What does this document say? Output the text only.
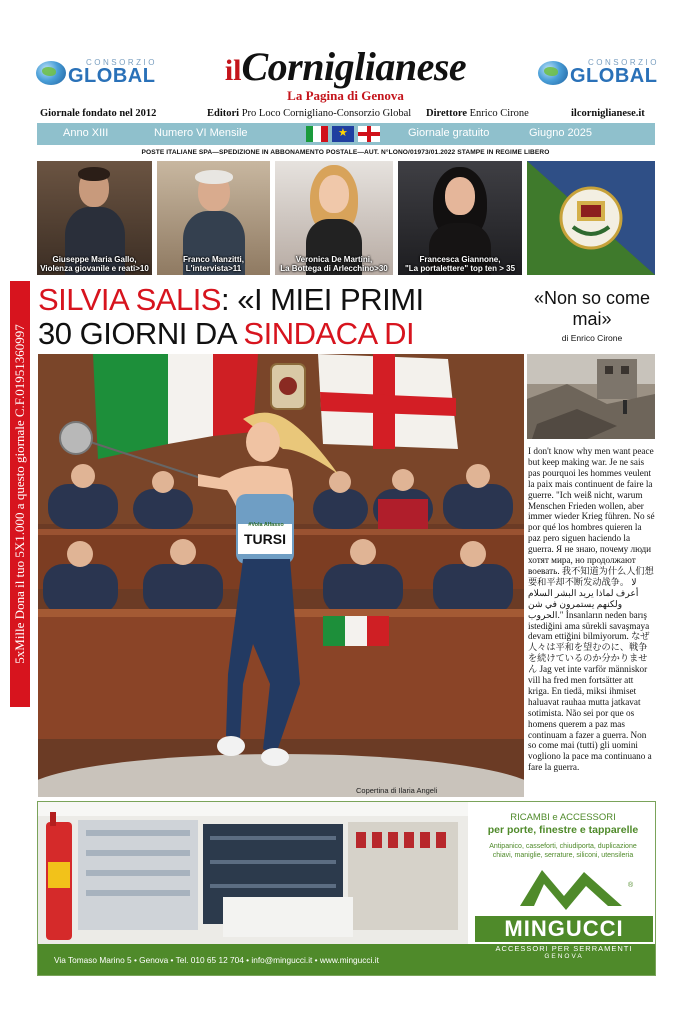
CONSORZIO
GLOBAL
CONSORZIO
GLOBAL
ilCorniglianese
La Pagina di Genova
Giornale fondato nel 2012	Editori Pro Loco Cornigliano-Consorzio Global Direttore Enrico Cirone	ilcorniglianese.it
Anno XIII	Numero VI Mensile
★	Giornale gratuito	Giugno 2025
POSTE ITALIANE SPA—SPEDIZIONE IN ABBONAMENTO POSTALE—AUT. N°LONO/01973/01.2022 STAMPE IN REGIME LIBERO
Giuseppe Maria Gallo,
Violenza giovanile e reati>10
Franco Manzitti,
L'intervista>11
Veronica De Martini,
La Bottega di Arlecchino>30
Francesca Giannone,
"La portalettere" top ten > 35
5xMille Dona il tuo 5X1.000 a questo giornale C.F.01951360997
SILVIA SALIS: «I MIEI PRIMI
30 GIORNI DA SINDACA DI
#Vola Alfasso
TURSI
Copertina di Ilaria Angeli
«Non so come mai»
di Enrico Cirone
I don't know why men want peace but keep making war. Je ne sais pas pourquoi les hommes veulent la paix mais continuent de faire la guerre. "Ich weiß nicht, warum Menschen Frieden wollen, aber immer wieder Krieg führen. No sé por qué los hombres quieren la paz pero siguen haciendo la guerra. Я не знаю, почему люди хотят мира, но продолжают воевать. 我不知道为什么人们想要和平却不断发动战争。 لا أعرف لماذا يريد البشر السلام ولكنهم يستمرون في شن الحروب." İnsanların neden barış istediğini ama sürekli savaşmaya devam ettiğini bilmiyorum. なぜ人々は平和を望むのに、戦争を続けているのか分かりません Jag vet inte varför människor vill ha fred men fortsätter att kriga. En tiedä, miksi ihmiset haluavat rauhaa mutta jatkavat sotimista. Não sei por que os homens querem a paz mas continuam a fazer a guerra. Non so come mai (tutti) gli uomini vogliono la pace ma continuano a fare la guerra.
RICAMBI e ACCESSORI
per porte, finestre e tapparelle
Antipanico, casseforti, chiudiporta, duplicazione
chiavi, maniglie, serrature, siliconi, utensileria
®
MINGUCCI
Via Tomaso Marino 5 • Genova • Tel. 010 65 12 704 • info@mingucci.it • www.mingucci.it
ACCESSORI PER SERRAMENTI
GENOVA
